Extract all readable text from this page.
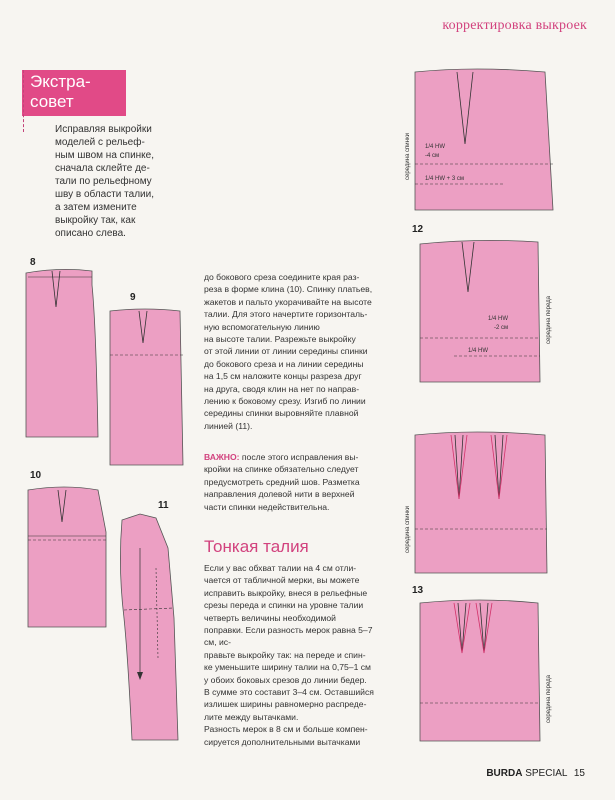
корректировка выкроек
Экстра-
совет
Исправляя выкройки
моделей с рельеф-
ным швом на спинке,
сначала склейте де-
тали по рельефному
шву в области талии,
а затем измените
выкройку так, как
описано слева.
до бокового среза соедините края раз-
реза в форме клина (10). Спинку платьев,
жакетов и пальто укорачивайте на высоте
талии. Для этого начертите горизонталь-
ную вспомогательную линию
на высоте талии. Разрежьте выкройку
от этой линии от линии середины спинки
до бокового среза и на линии середины
на 1,5 см наложите концы разреза друг
на друга, сводя клин на нет по направ-
лению к боковому срезу. Изгиб по линии
середины спинки выровняйте плавной
линией (11).
ВАЖНО: после этого исправления вы-
кройки на спинке обязательно следует
предусмотреть средний шов. Разметка
направления долевой нити в верхней
части спинки недействительна.
Тонкая талия
Если у вас обхват талии на 4 см отли-
чается от табличной мерки, вы можете
исправить выкройку, внеся в рельефные
срезы переда и спинки на уровне талии
четверть величины необходимой
поправки. Если разность мерок равна 5–7 см, ис-
правьте выкройку так: на переде и спин-
ке уменьшите ширину талии на 0,75–1 см
у обоих боковых срезов до линии бедер.
В сумме это составит 3–4 см. Оставшийся
излишек ширины равномерно распреде-
лите между вытачками.
Разность мерок в 8 см и больше компен-
сируется дополнительными вытачками
8
9
10
11
середина спинки 1/4 HW
-4 см
1/4 HW + 3 см
12
середина переда
1/4 HW
-2 см
1/4 HW
середина спинки
13
середина переда
BURDA SPECIAL 15
